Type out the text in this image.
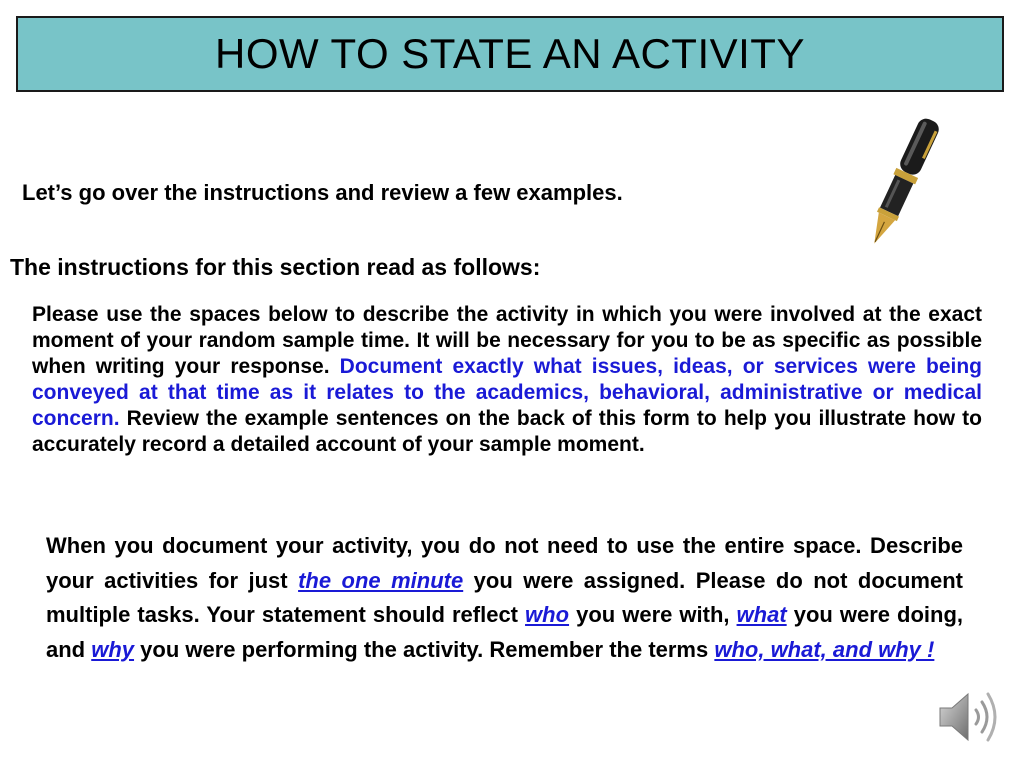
HOW TO STATE AN ACTIVITY
Let’s go over the instructions and review a few examples.
The instructions for this section read as follows:
Please use the spaces below to describe the activity in which you were involved at the exact moment of your random sample time. It will be necessary for you to be as specific as possible when writing your response. Document exactly what issues, ideas, or services were being conveyed at that time as it relates to the academics, behavioral, administrative or medical concern. Review the example sentences on the back of this form to help you illustrate how to accurately record a detailed account of your sample moment.
When you document your activity, you do not need to use the entire space. Describe your activities for just the one minute you were assigned. Please do not document multiple tasks. Your statement should reflect who you were with, what you were doing, and why you were performing the activity. Remember the terms who, what, and why !
